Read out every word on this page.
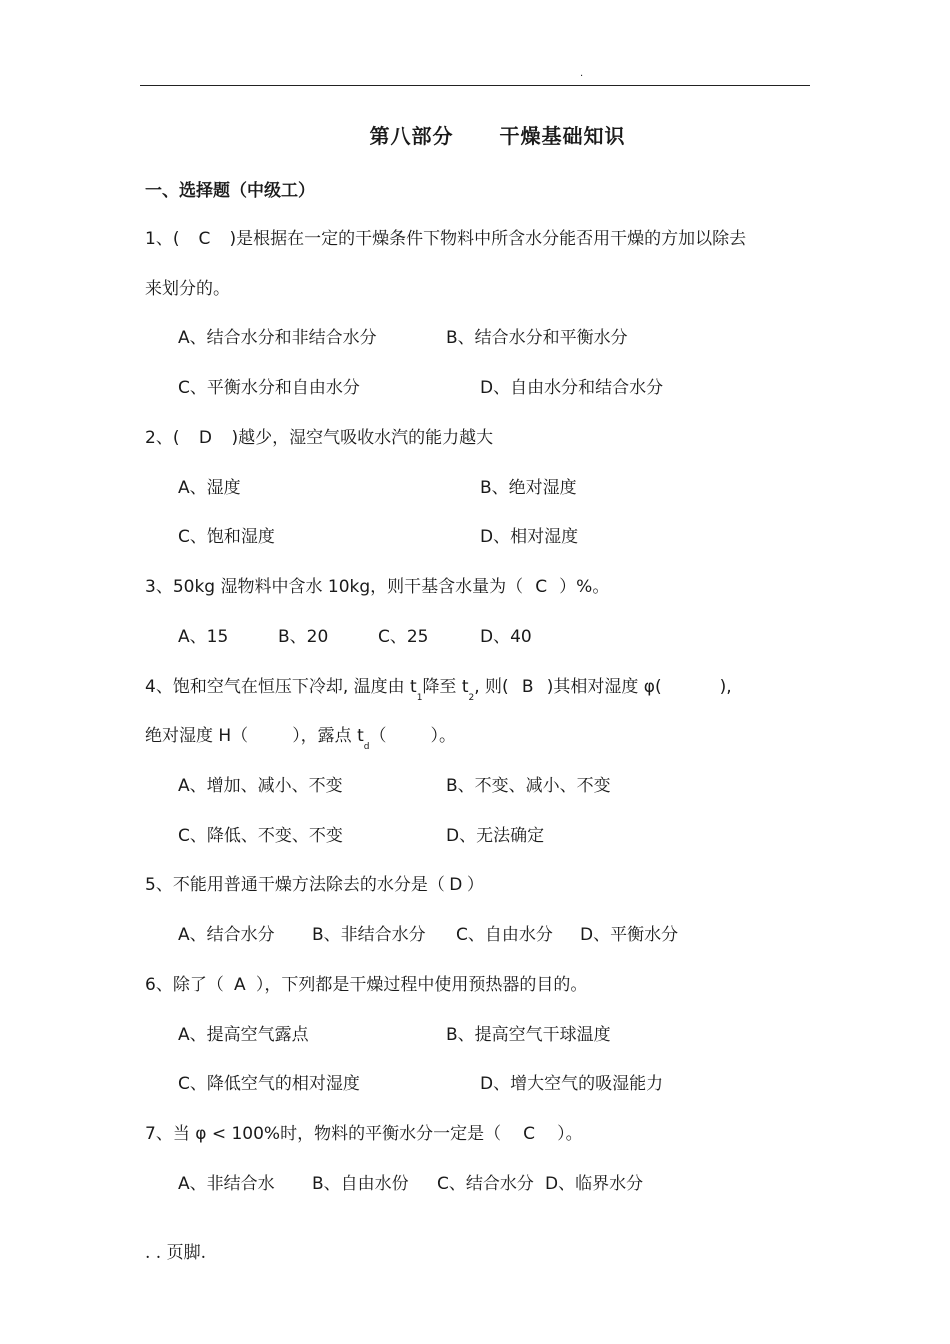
.
第八部分 干燥基础知识
一、选择题（中级工）
1、( C )是根据在一定的干燥条件下物料中所含水分能否用干燥的方加以除去
来划分的。
A、结合水分和非结合水分	B、结合水分和平衡水分
C、平衡水分和自由水分	D、自由水分和结合水分
2、( D )越少，湿空气吸收水汽的能力越大
A、湿度	B、绝对湿度
C、饱和湿度	D、相对湿度
3、50kg 湿物料中含水 10kg，则干基含水量为（ C ）%。
A、15	B、20	C、25	D、40
4、饱和空气在恒压下冷却, 温度由 $t_1$降至 $t_2$, 则( B )其相对湿度 φ(	),
绝对湿度 H（	），露点 $t_d$（	）。
A、增加、减小、不变	B、不变、减小、不变
C、降低、不变、不变	D、无法确定
5、不能用普通干燥方法除去的水分是（ D ）
A、结合水分 B、非结合水分 C、自由水分 D、平衡水分
6、除了（ A ），下列都是干燥过程中使用预热器的目的。
A、提高空气露点	B、提高空气干球温度
C、降低空气的相对湿度	D、增大空气的吸湿能力
7、当 φ < 100%时，物料的平衡水分一定是（ C ）。
A、非结合水 B、自由水份 C、结合水分 D、临界水分
. . 页脚.
